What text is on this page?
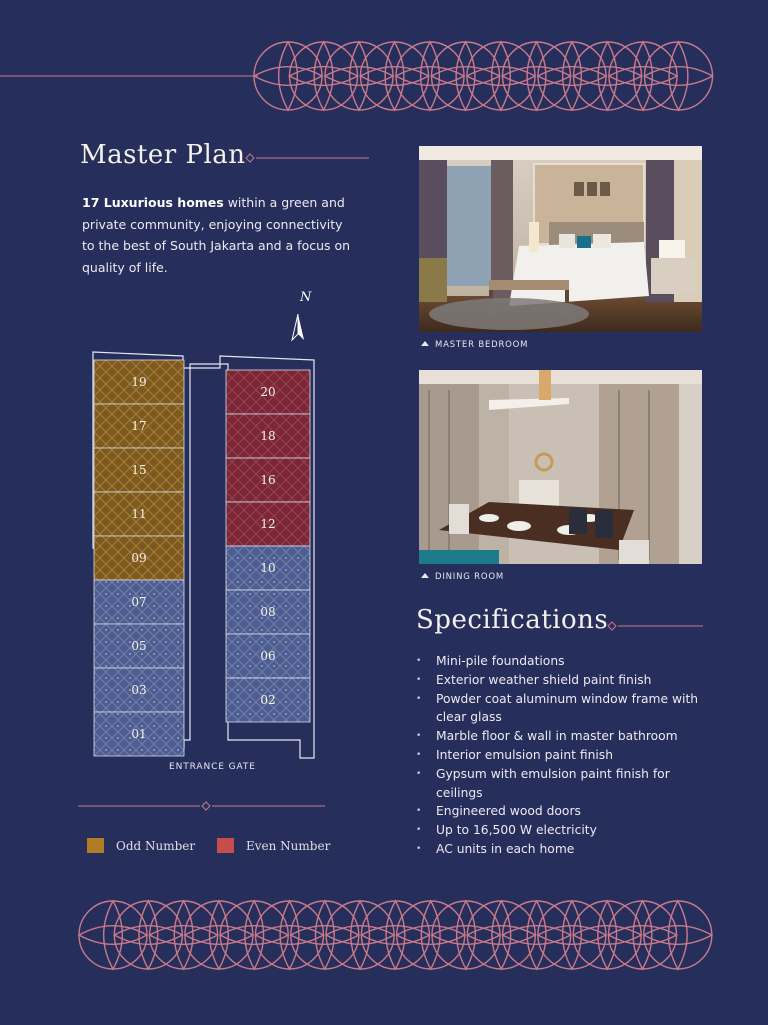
Master Plan
17 Luxurious homes within a green and private community, enjoying connectivity to the best of South Jakarta and a focus on quality of life.
N
19
17
15
11
09
07
05
03
01
20
18
16
12
10
08
06
02
ENTRANCE GATE
Odd Number	Even Number
MASTER BEDROOM
DINING ROOM
Specifications
• Mini-pile foundations
• Exterior weather shield paint finish
• Powder coat aluminum window frame with clear glass
• Marble floor & wall in master bathroom
• Interior emulsion paint finish
• Gypsum with emulsion paint finish for ceilings
• Engineered wood doors
• Up to 16,500 W electricity
• AC units in each home
